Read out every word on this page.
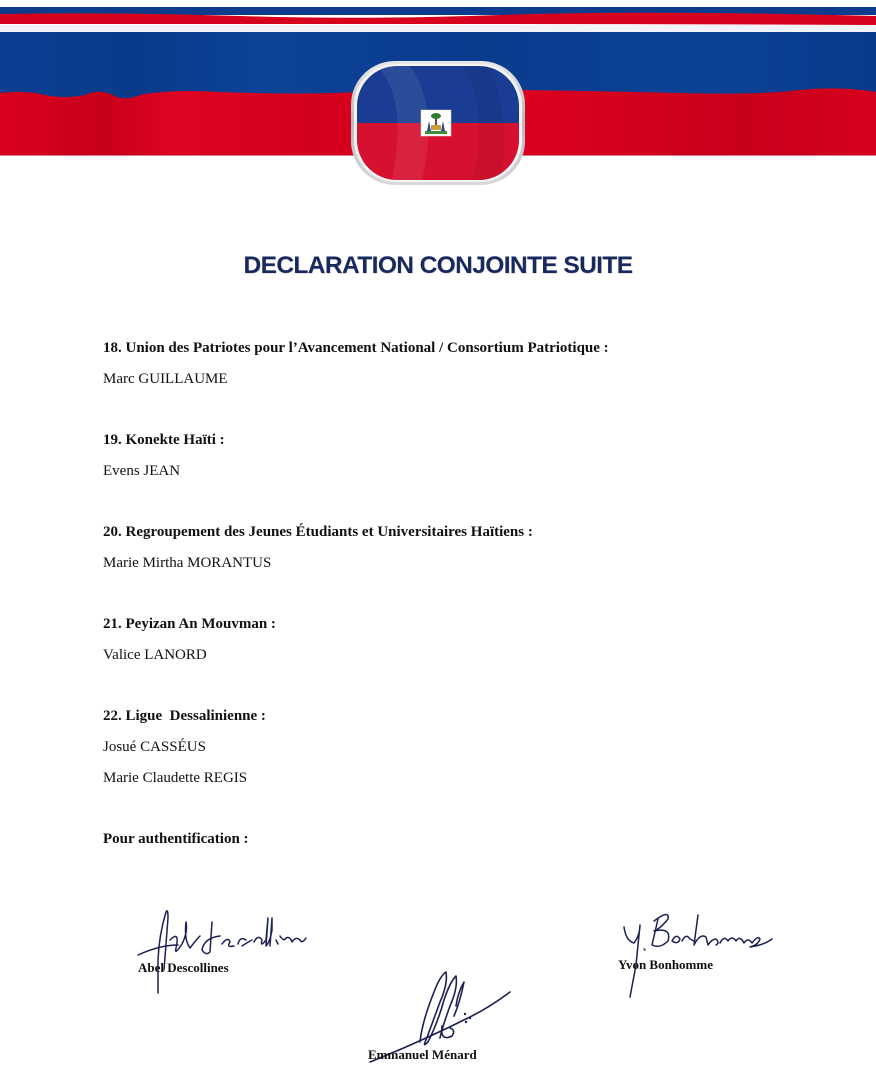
DECLARATION CONJOINTE SUITE
18. Union des Patriotes pour l’Avancement National / Consortium Patriotique :
Marc GUILLAUME
19. Konekte Haïti :
Evens JEAN
20. Regroupement des Jeunes Étudiants et Universitaires Haïtiens :
Marie Mirtha MORANTUS
21. Peyizan An Mouvman :
Valice LANORD
22. Ligue  Dessalinienne :
Josué CASSÉUS
Marie Claudette REGIS
Pour authentification :
Abel Descollines	Yvon Bonhomme
Emmanuel Ménard
